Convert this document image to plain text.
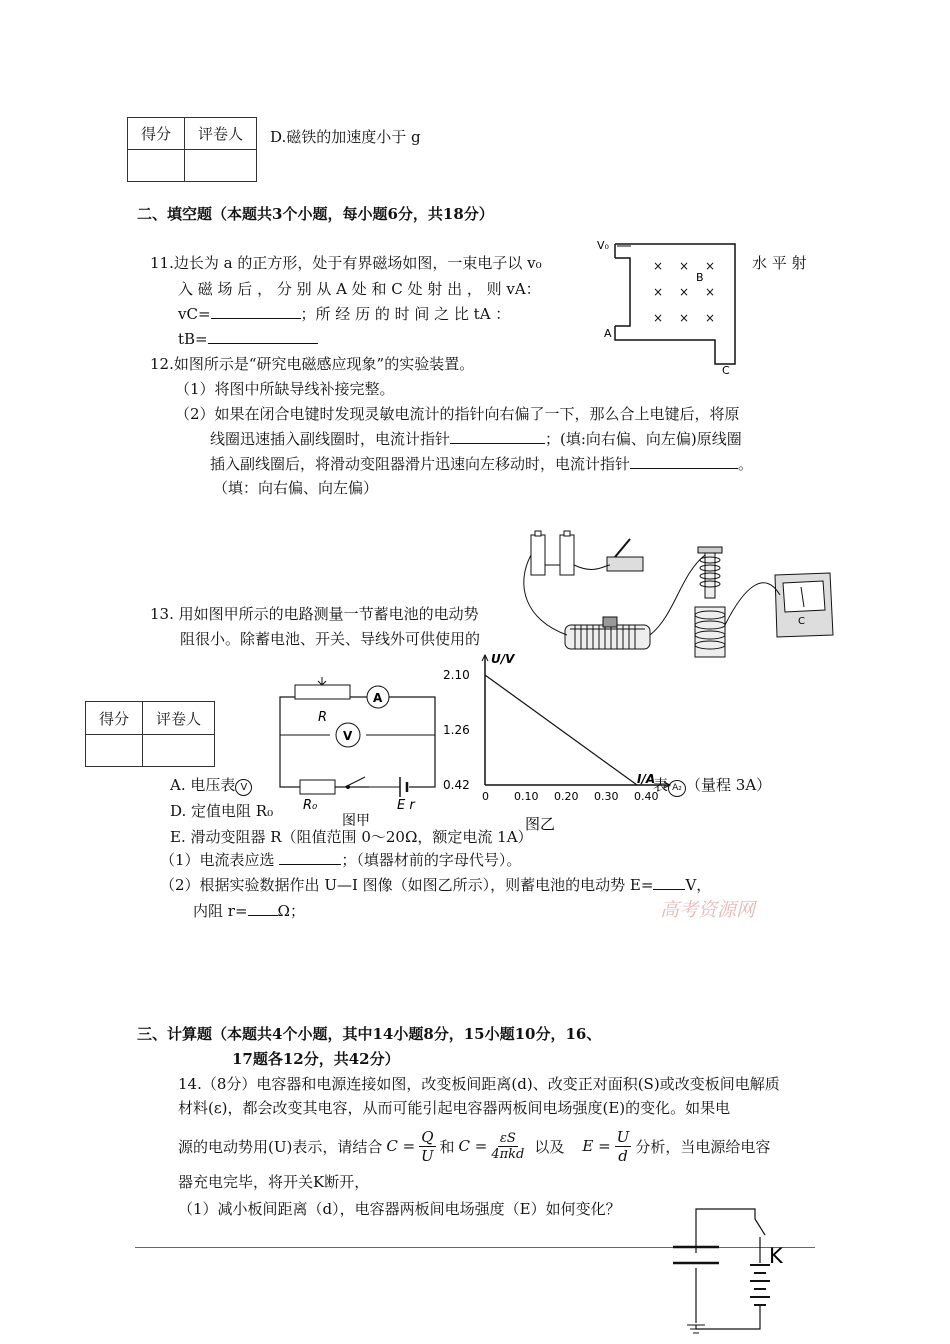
得分	评卷人
	D.磁铁的加速度小于 g
二、填空题（本题共3个小题，每小题6分，共18分）
11.边长为 a 的正方形，处于有界磁场如图，一束电子以 v₀	水 平 射
入 磁 场 后 ， 分 别 从 A 处 和 C 处 射 出 ， 则 vA：
vC=	；所 经 历 的 时 间 之 比 tA ：
tB=
V₀
A
B
C
× × ×
× × ×
× × ×
12.如图所示是“研究电磁感应现象”的实验装置。
（1）将图中所缺导线补接完整。
（2）如果在闭合电键时发现灵敏电流计的指针向右偏了一下，那么合上电键后，将原
线圈迅速插入副线圈时，电流计指针	；(填:向右偏、向左偏)原线圈
插入副线圈后，将滑动变阻器滑片迅速向左移动时，电流计指针	。
（填：向右偏、向左偏）
C
13. 用如图甲所示的电路测量一节蓄电池的电动势
阻很小。除蓄电池、开关、导线外可供使用的
得分	评卷人

A
V
R
R₀	E r
图甲
U/V
I/A
2.10
1.26
0.42
0 0.10 0.20 0.30 0.40
图乙
A. 电压表 V	表 A₂ （量程 3A）
D. 定值电阻 R₀
E. 滑动变阻器 R（阻值范围 0～20Ω，额定电流 1A）
（1）电流表应选	；（填器材前的字母代号）。
（2）根据实验数据作出 U—I 图像（如图乙所示），则蓄电池的电动势 E= V，
内阻 r= Ω；	高考资源网
三、计算题（本题共4个小题，其中14小题8分，15小题10分，16、
17题各12分，共42分）
14.（8分）电容器和电源连接如图，改变板间距离(d)、改变正对面积(S)或改变板间电解质
材料(ε)，都会改变其电容，从而可能引起电容器两板间电场强度(E)的变化。如果电
源的电动势用(U)表示，请结合 $C = \frac{Q}{U}$ 和 C = εS
4πkd 以及 $E = \frac{U}{d}$ 分析，当电源给电容
器充电完毕，将开关K断开，
（1）减小板间距离（d），电容器两板间电场强度（E）如何变化？
K
